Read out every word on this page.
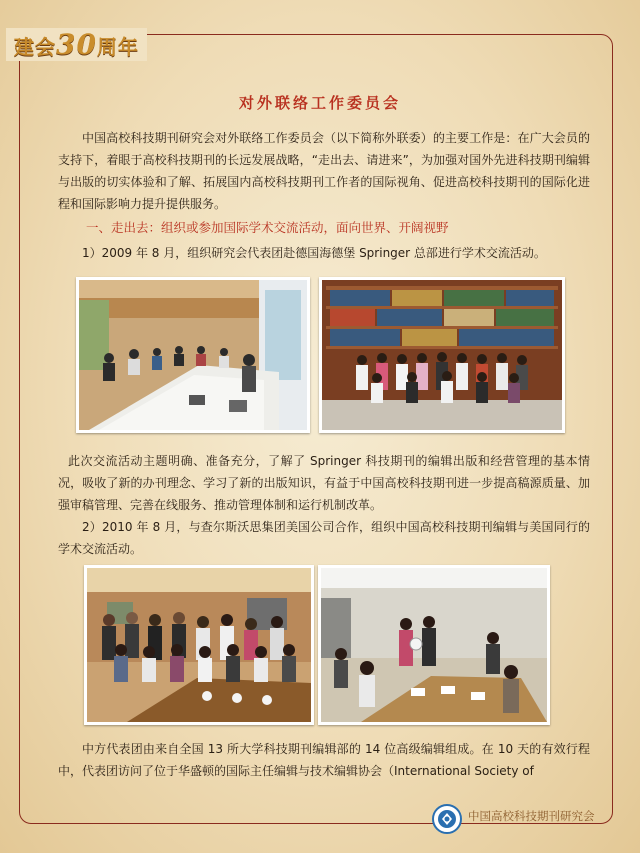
建会30周年
对外联络工作委员会

中国高校科技期刊研究会对外联络工作委员会（以下简称外联委）的主要工作是：在广大会员的支持下，着眼于高校科技期刊的长远发展战略，“走出去、请进来”，为加强对国外先进科技期刊编辑与出版的切实体验和了解、拓展国内高校科技期刊工作者的国际视角、促进高校科技期刊的国际化进程和国际影响力提升提供服务。

一、走出去：组织或参加国际学术交流活动，面向世界、开阔视野

1）2009 年 8 月，组织研究会代表团赴德国海德堡 Springer 总部进行学术交流活动。

此次交流活动主题明确、准备充分，了解了 Springer 科技期刊的编辑出版和经营管理的基本情况，吸收了新的办刊理念、学习了新的出版知识，有益于中国高校科技期刊进一步提高稿源质量、加强审稿管理、完善在线服务、推动管理体制和运行机制改革。

2）2010 年 8 月，与查尔斯沃思集团美国公司合作，组织中国高校科技期刊编辑与美国同行的学术交流活动。

中方代表团由来自全国 13 所大学科技期刊编辑部的 14 位高级编辑组成。在 10 天的有效行程中，代表团访问了位于华盛顿的国际主任编辑与技术编辑协会（International Society of

中国高校科技期刊研究会
